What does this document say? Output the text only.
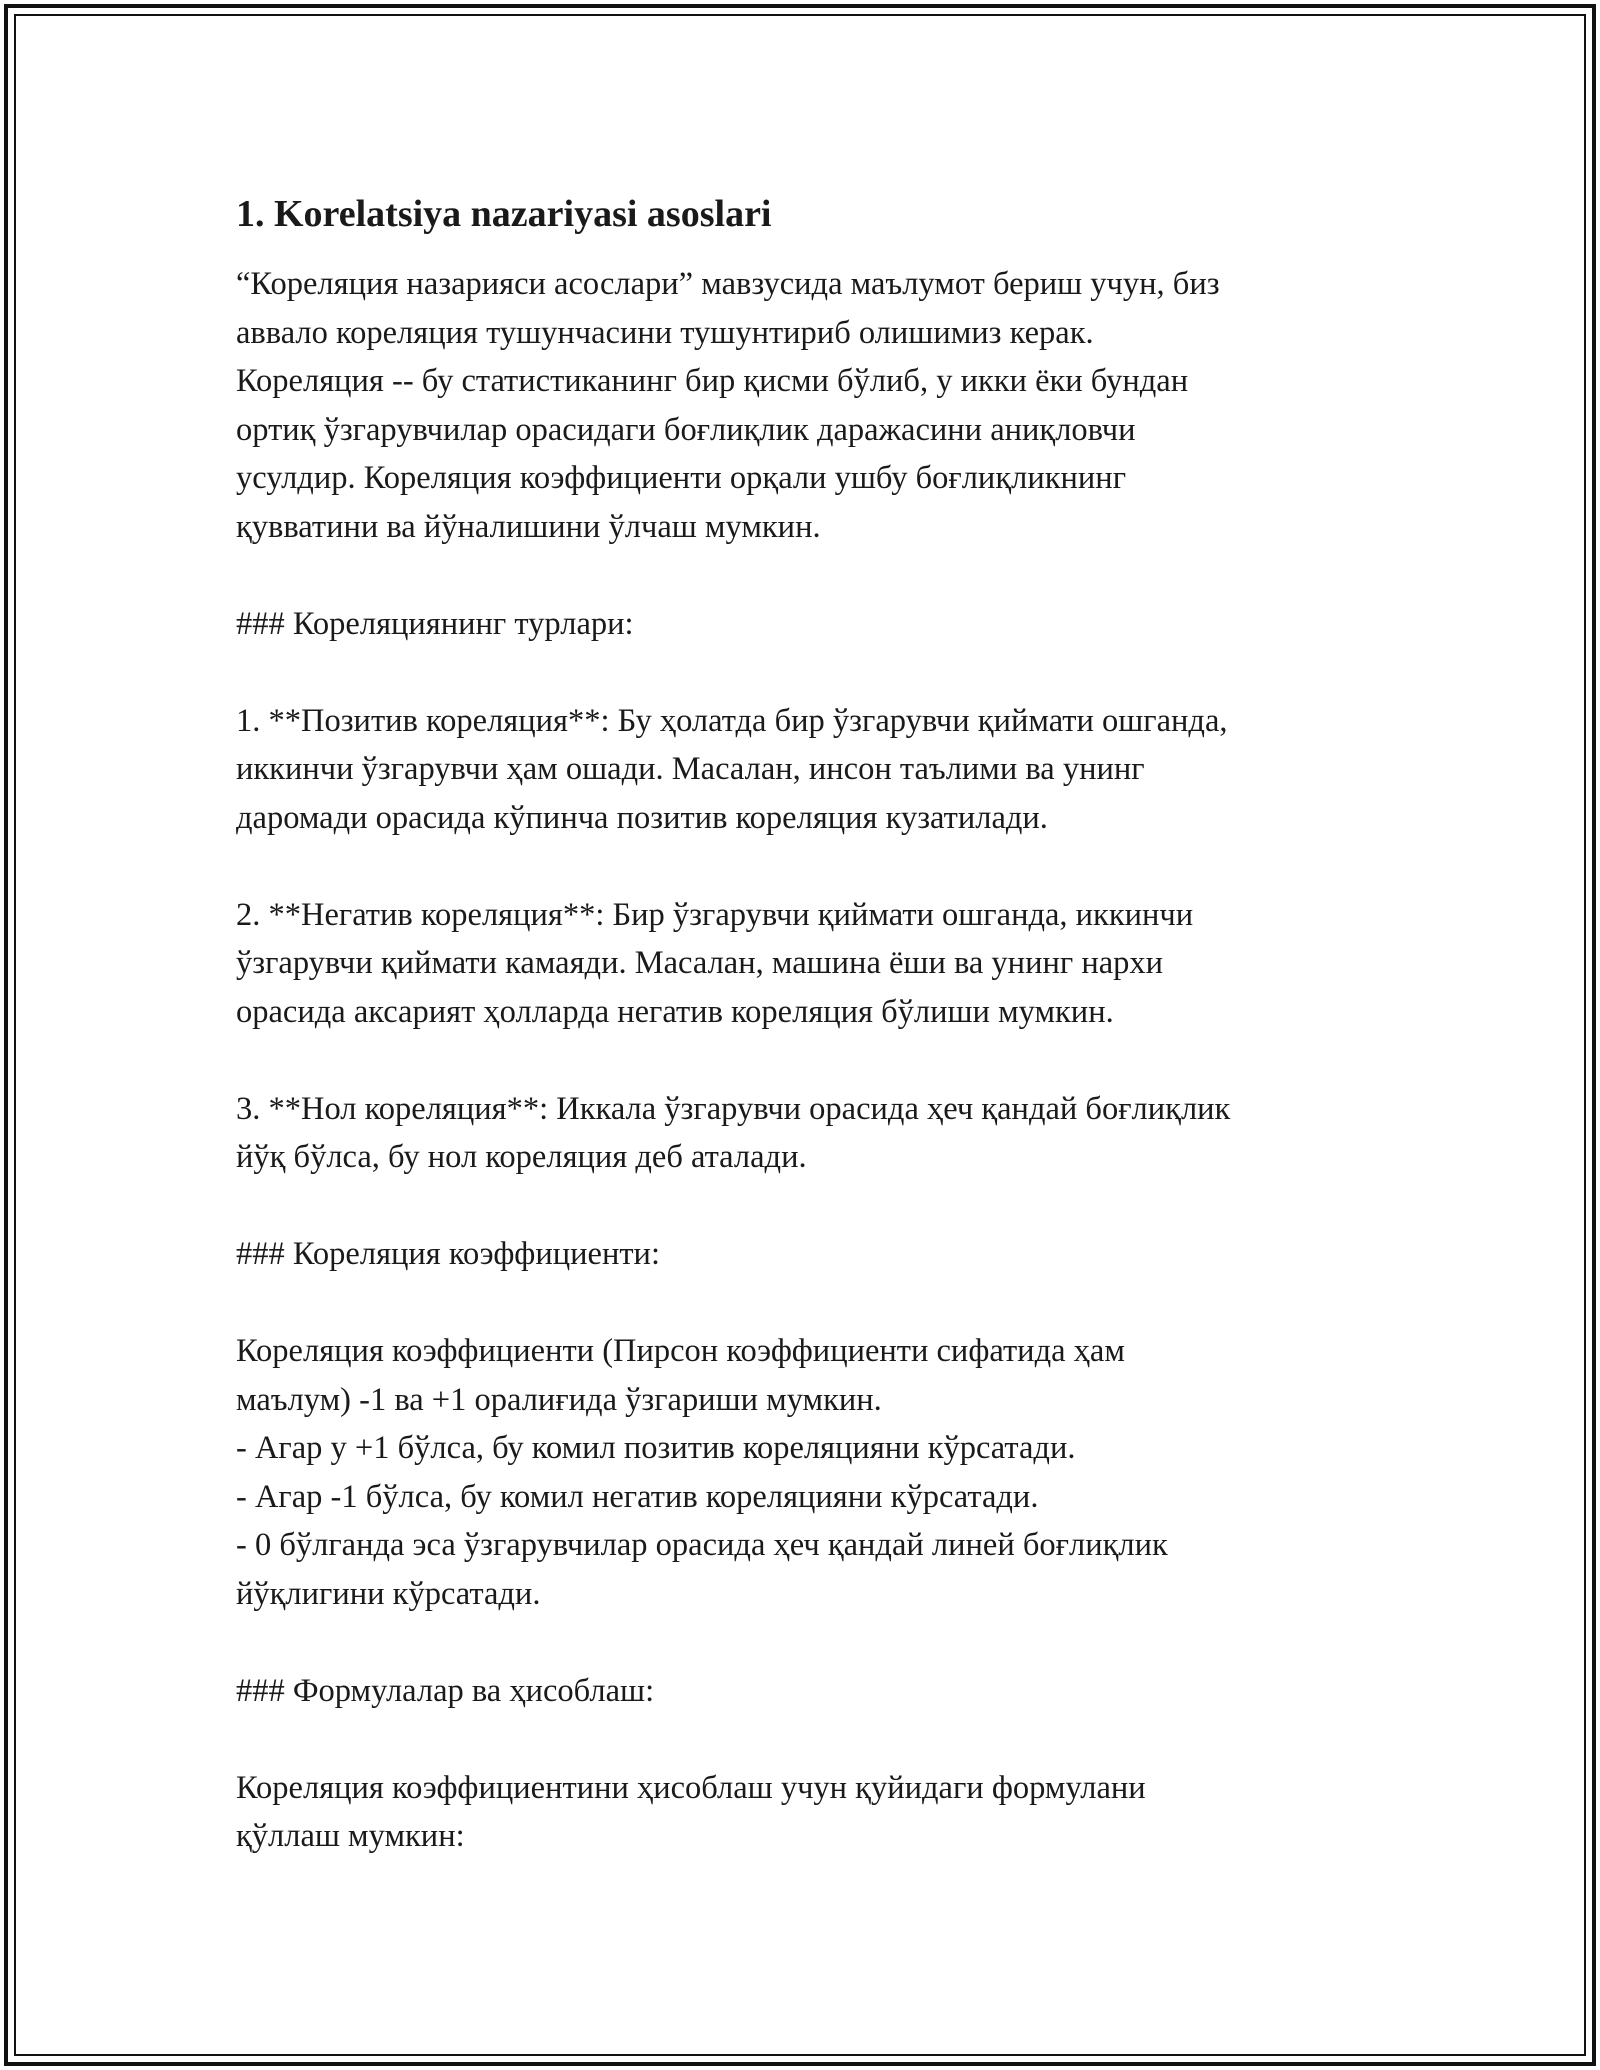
1. Korelatsiya nazariyasi asoslari

“Кореляция назарияси асослари” мавзусида маълумот бериш учун, биз
аввало кореляция тушунчасини тушунтириб олишимиз керак.
Кореляция -- бу статистиканинг бир қисми бўлиб, у икки ёки бундан
ортиқ ўзгарувчилар орасидаги боғлиқлик даражасини аниқловчи
усулдир. Кореляция коэффициенти орқали ушбу боғлиқликнинг
қувватини ва йўналишини ўлчаш мумкин.

### Кореляциянинг турлари:

1. **Позитив кореляция**: Бу ҳолатда бир ўзгарувчи қиймати ошганда,
иккинчи ўзгарувчи ҳам ошади. Масалан, инсон таълими ва унинг
даромади орасида кўпинча позитив кореляция кузатилади.

2. **Негатив кореляция**: Бир ўзгарувчи қиймати ошганда, иккинчи
ўзгарувчи қиймати камаяди. Масалан, машина ёши ва унинг нархи
орасида аксарият ҳолларда негатив кореляция бўлиши мумкин.

3. **Нол кореляция**: Иккала ўзгарувчи орасида ҳеч қандай боғлиқлик
йўқ бўлса, бу нол кореляция деб аталади.

### Кореляция коэффициенти:

Кореляция коэффициенти (Пирсон коэффициенти сифатида ҳам
маълум) -1 ва +1 оралиғида ўзгариши мумкин.
- Агар у +1 бўлса, бу комил позитив кореляцияни кўрсатади.
- Агар -1 бўлса, бу комил негатив кореляцияни кўрсатади.
- 0 бўлганда эса ўзгарувчилар орасида ҳеч қандай линей боғлиқлик
йўқлигини кўрсатади.

### Формулалар ва ҳисоблаш:

Кореляция коэффициентини ҳисоблаш учун қуйидаги формулани
қўллаш мумкин:
